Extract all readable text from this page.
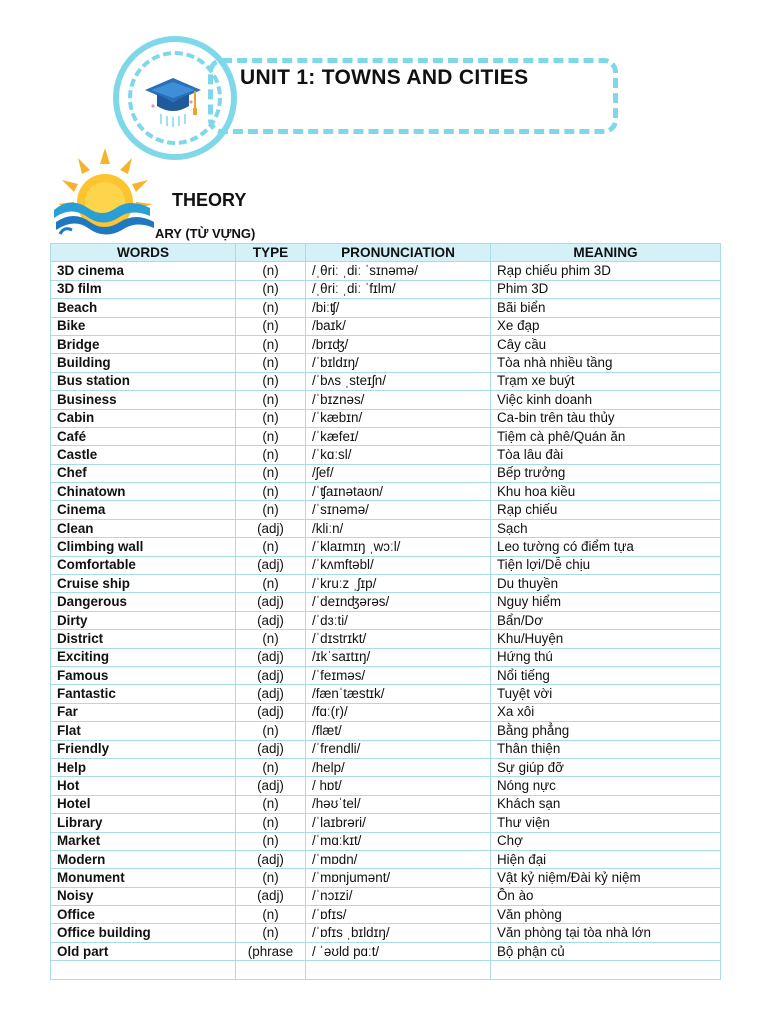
UNIT 1: TOWNS AND CITIES
THEORY
ARY (TỪ VỰNG)
WORDS	TYPE	PRONUNCIATION	MEANING
3D cinema	(n)	/ˌθriː ˌdiː ˈsɪnəmə/	Rạp chiếu phim 3D
3D film	(n)	/ˌθriː ˌdiː ˈfɪlm/	Phim 3D
Beach	(n)	/biːʧ/	Bãi biển
Bike	(n)	/baɪk/	Xe đạp
Bridge	(n)	/brɪʤ/	Cây cầu
Building	(n)	/ˈbɪldɪŋ/	Tòa nhà nhiều tầng
Bus station	(n)	/ˈbʌs ˌsteɪʃn/	Trạm xe buýt
Business	(n)	/ˈbɪznəs/	Việc kinh doanh
Cabin	(n)	/ˈkæbɪn/	Ca-bin trên tàu thủy
Café	(n)	/ˈkæfeɪ/	Tiệm cà phê/Quán ăn
Castle	(n)	/ˈkɑːsl/	Tòa lâu đài
Chef	(n)	/ʃef/	Bếp trưởng
Chinatown	(n)	/ˈʧaɪnətaʊn/	Khu hoa kiều
Cinema	(n)	/ˈsɪnəmə/	Rạp chiếu
Clean	(adj)	/kliːn/	Sạch
Climbing wall	(n)	/ˈklaɪmɪŋ ˌwɔːl/	Leo tường có điểm tựa
Comfortable	(adj)	/ˈkʌmftəbl/	Tiện lợi/Dễ chịu
Cruise ship	(n)	/ˈkruːz ˌʃɪp/	Du thuyền
Dangerous	(adj)	/ˈdeɪnʤərəs/	Nguy hiểm
Dirty	(adj)	/ˈdɜːti/	Bẩn/Dơ
District	(n)	/ˈdɪstrɪkt/	Khu/Huyện
Exciting	(adj)	/ɪkˈsaɪtɪŋ/	Hứng thú
Famous	(adj)	/ˈfeɪməs/	Nổi tiếng
Fantastic	(adj)	/fænˈtæstɪk/	Tuyệt vời
Far	(adj)	/fɑː(r)/	Xa xôi
Flat	(n)	/flæt/	Bằng phẳng
Friendly	(adj)	/ˈfrendli/	Thân thiện
Help	(n)	/help/	Sự giúp đỡ
Hot	(adj)	/ hɒt/	Nóng nực
Hotel	(n)	/həʊˈtel/	Khách sạn
Library	(n)	/ˈlaɪbrəri/	Thư viện
Market	(n)	/ˈmɑːkɪt/	Chợ
Modern	(adj)	/ˈmɒdn/	Hiện đại
Monument	(n)	/ˈmɒnjumənt/	Vật kỷ niệm/Đài kỷ niệm
Noisy	(adj)	/ˈnɔɪzi/	Ồn ào
Office	(n)	/ˈɒfɪs/	Văn phòng
Office building	(n)	/ˈɒfɪs ˌbɪldɪŋ/	Văn phòng tại tòa nhà lớn
Old part	(phrase	/ ˈəʊld pɑːt/	Bộ phận củ
